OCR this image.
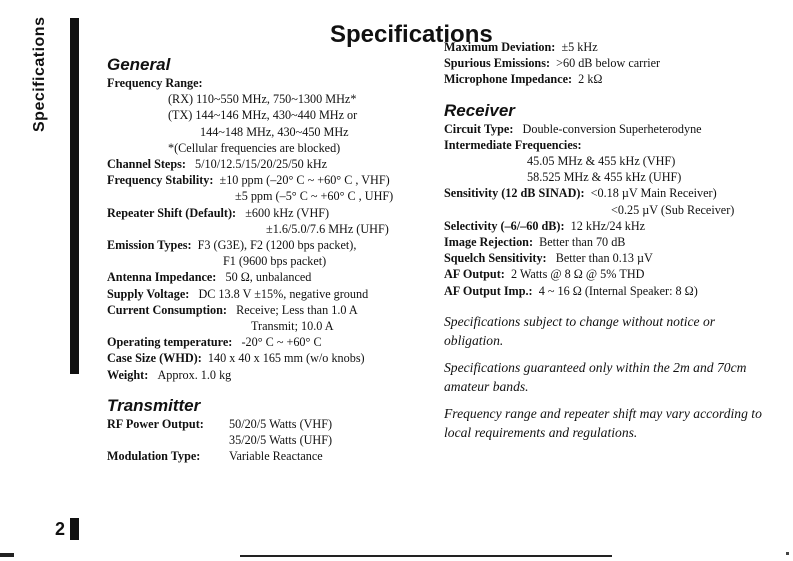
Specifications
2
Specifications
General
Frequency Range:
(RX) 110~550 MHz, 750~1300 MHz*
(TX) 144~146 MHz, 430~440 MHz or
144~148 MHz, 430~450 MHz
*(Cellular frequencies are blocked)
Channel Steps: 5/10/12.5/15/20/25/50 kHz
Frequency Stability: ±10 ppm (–20° C ~ +60° C , VHF)
±5 ppm (–5° C ~ +60° C , UHF)
Repeater Shift (Default): ±600 kHz (VHF)
±1.6/5.0/7.6 MHz (UHF)
Emission Types: F3 (G3E), F2 (1200 bps packet),
F1 (9600 bps packet)
Antenna Impedance: 50 Ω, unbalanced
Supply Voltage: DC 13.8 V ±15%, negative ground
Current Consumption: Receive; Less than 1.0 A
Transmit; 10.0 A
Operating temperature: -20° C ~ +60° C
Case Size (WHD): 140 x 40 x 165 mm (w/o knobs)
Weight: Approx. 1.0 kg
Transmitter
RF Power Output: 50/20/5 Watts (VHF)
35/20/5 Watts (UHF)
Modulation Type: Variable Reactance
Maximum Deviation: ±5 kHz
Spurious Emissions: >60 dB below carrier
Microphone Impedance: 2 kΩ
Receiver
Circuit Type: Double-conversion Superheterodyne
Intermediate Frequencies:
45.05 MHz & 455 kHz (VHF)
58.525 MHz & 455 kHz (UHF)
Sensitivity (12 dB SINAD): <0.18 µV Main Receiver)
<0.25 µV (Sub Receiver)
Selectivity (–6/–60 dB): 12 kHz/24 kHz
Image Rejection: Better than 70 dB
Squelch Sensitivity: Better than 0.13 µV
AF Output: 2 Watts @ 8 Ω @ 5% THD
AF Output Imp.: 4 ~ 16 Ω (Internal Speaker: 8 Ω)

Specifications subject to change without notice or obligation.

Specifications guaranteed only within the 2m and 70cm amateur bands.

Frequency range and repeater shift may vary according to local requirements and regulations.
